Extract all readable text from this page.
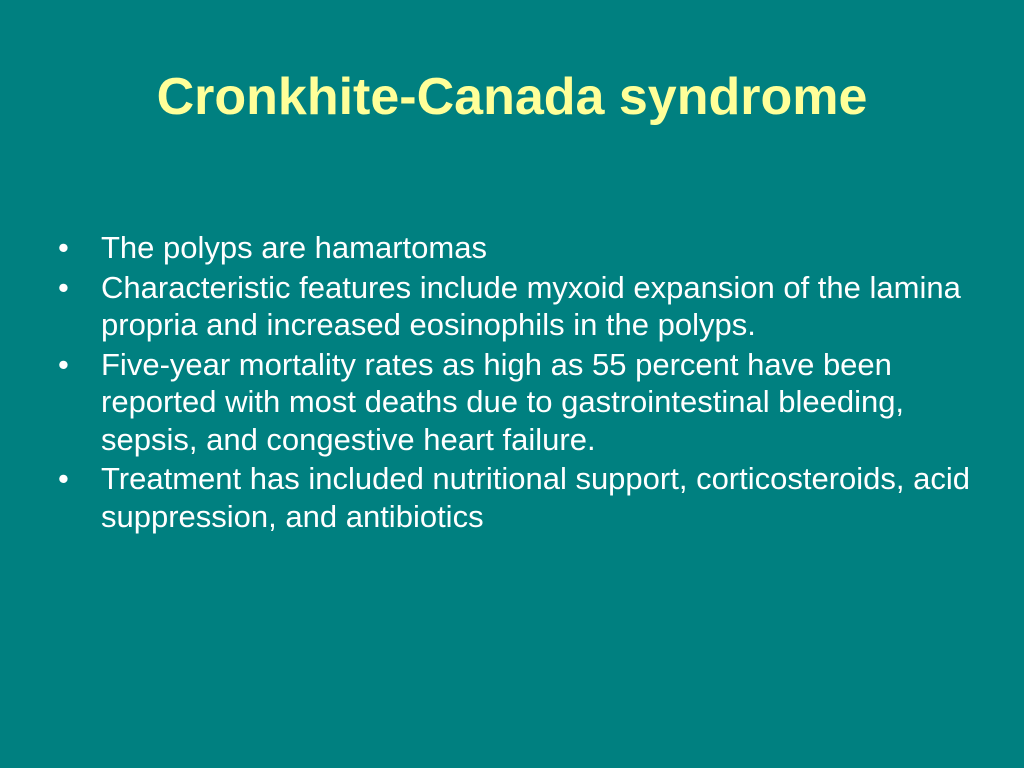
Cronkhite-Canada syndrome
• The polyps are hamartomas
• Characteristic features include myxoid expansion of the lamina propria and increased eosinophils in the polyps.
• Five-year mortality rates as high as 55 percent have been reported with most deaths due to gastrointestinal bleeding, sepsis, and congestive heart failure.
• Treatment has included nutritional support, corticosteroids, acid suppression, and antibiotics
